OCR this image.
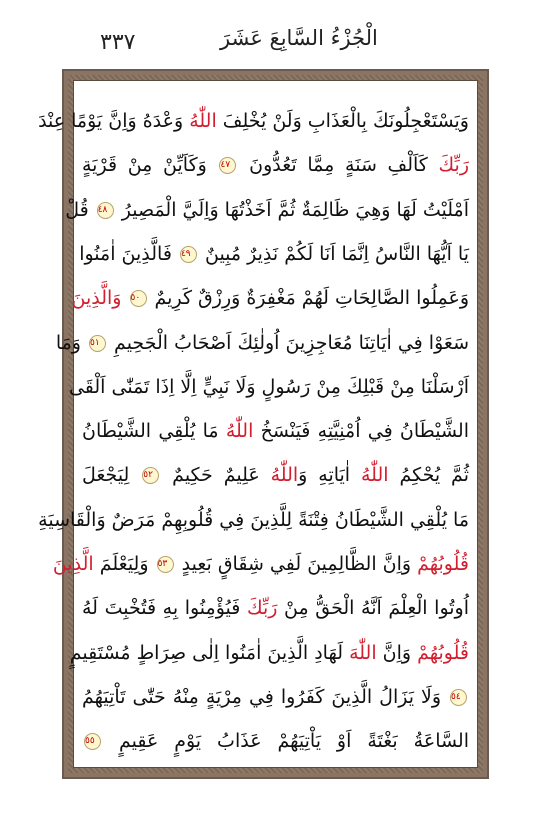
٣٣٧	الْجُزْءُ السَّابِعَ عَشَرَ
وَيَسْتَعْجِلُونَكَ بِالْعَذَابِ وَلَنْ يُخْلِفَ اللّٰهُ وَعْدَهُ وَاِنَّ يَوْمًا عِنْدَ
رَبِّكَ كَاَلْفِ سَنَةٍ مِمَّا تَعُدُّونَ ٤٧ وَكَاَيِّنْ مِنْ قَرْيَةٍ
اَمْلَيْتُ لَهَا وَهِيَ ظَالِمَةٌ ثُمَّ اَخَذْتُهَا وَاِلَيَّ الْمَصِيرُ ٤٨ قُلْ
يَا اَيُّهَا النَّاسُ اِنَّمَا اَنَا لَكُمْ نَذِيرٌ مُبِينٌ ٤٩ فَالَّذِينَ اٰمَنُوا
وَعَمِلُوا الصَّالِحَاتِ لَهُمْ مَغْفِرَةٌ وَرِزْقٌ كَرِيمٌ ٥٠ وَالَّذِينَ
سَعَوْا فِي اٰيَاتِنَا مُعَاجِزِينَ اُولٰئِكَ اَصْحَابُ الْجَحِيمِ ٥١ وَمَا
اَرْسَلْنَا مِنْ قَبْلِكَ مِنْ رَسُولٍ وَلَا نَبِيٍّ اِلَّا اِذَا تَمَنّٰى اَلْقَى
الشَّيْطَانُ فِي اُمْنِيَّتِهِ فَيَنْسَخُ اللّٰهُ مَا يُلْقِي الشَّيْطَانُ
ثُمَّ يُحْكِمُ اللّٰهُ اٰيَاتِهِ وَاللّٰهُ عَلِيمٌ حَكِيمٌ ٥٢ لِيَجْعَلَ
مَا يُلْقِي الشَّيْطَانُ فِتْنَةً لِلَّذِينَ فِي قُلُوبِهِمْ مَرَضٌ وَالْقَاسِيَةِ
قُلُوبُهُمْ وَاِنَّ الظَّالِمِينَ لَفِي شِقَاقٍ بَعِيدٍ ٥٣ وَلِيَعْلَمَ الَّذِينَ
اُوتُوا الْعِلْمَ اَنَّهُ الْحَقُّ مِنْ رَبِّكَ فَيُؤْمِنُوا بِهِ فَتُخْبِتَ لَهُ
قُلُوبُهُمْ وَاِنَّ اللّٰهَ لَهَادِ الَّذِينَ اٰمَنُوا اِلٰى صِرَاطٍ مُسْتَقِيمٍ
٥٤ وَلَا يَزَالُ الَّذِينَ كَفَرُوا فِي مِرْيَةٍ مِنْهُ حَتّٰى تَاْتِيَهُمُ
السَّاعَةُ بَغْتَةً اَوْ يَاْتِيَهُمْ عَذَابُ يَوْمٍ عَقِيمٍ ٥٥
